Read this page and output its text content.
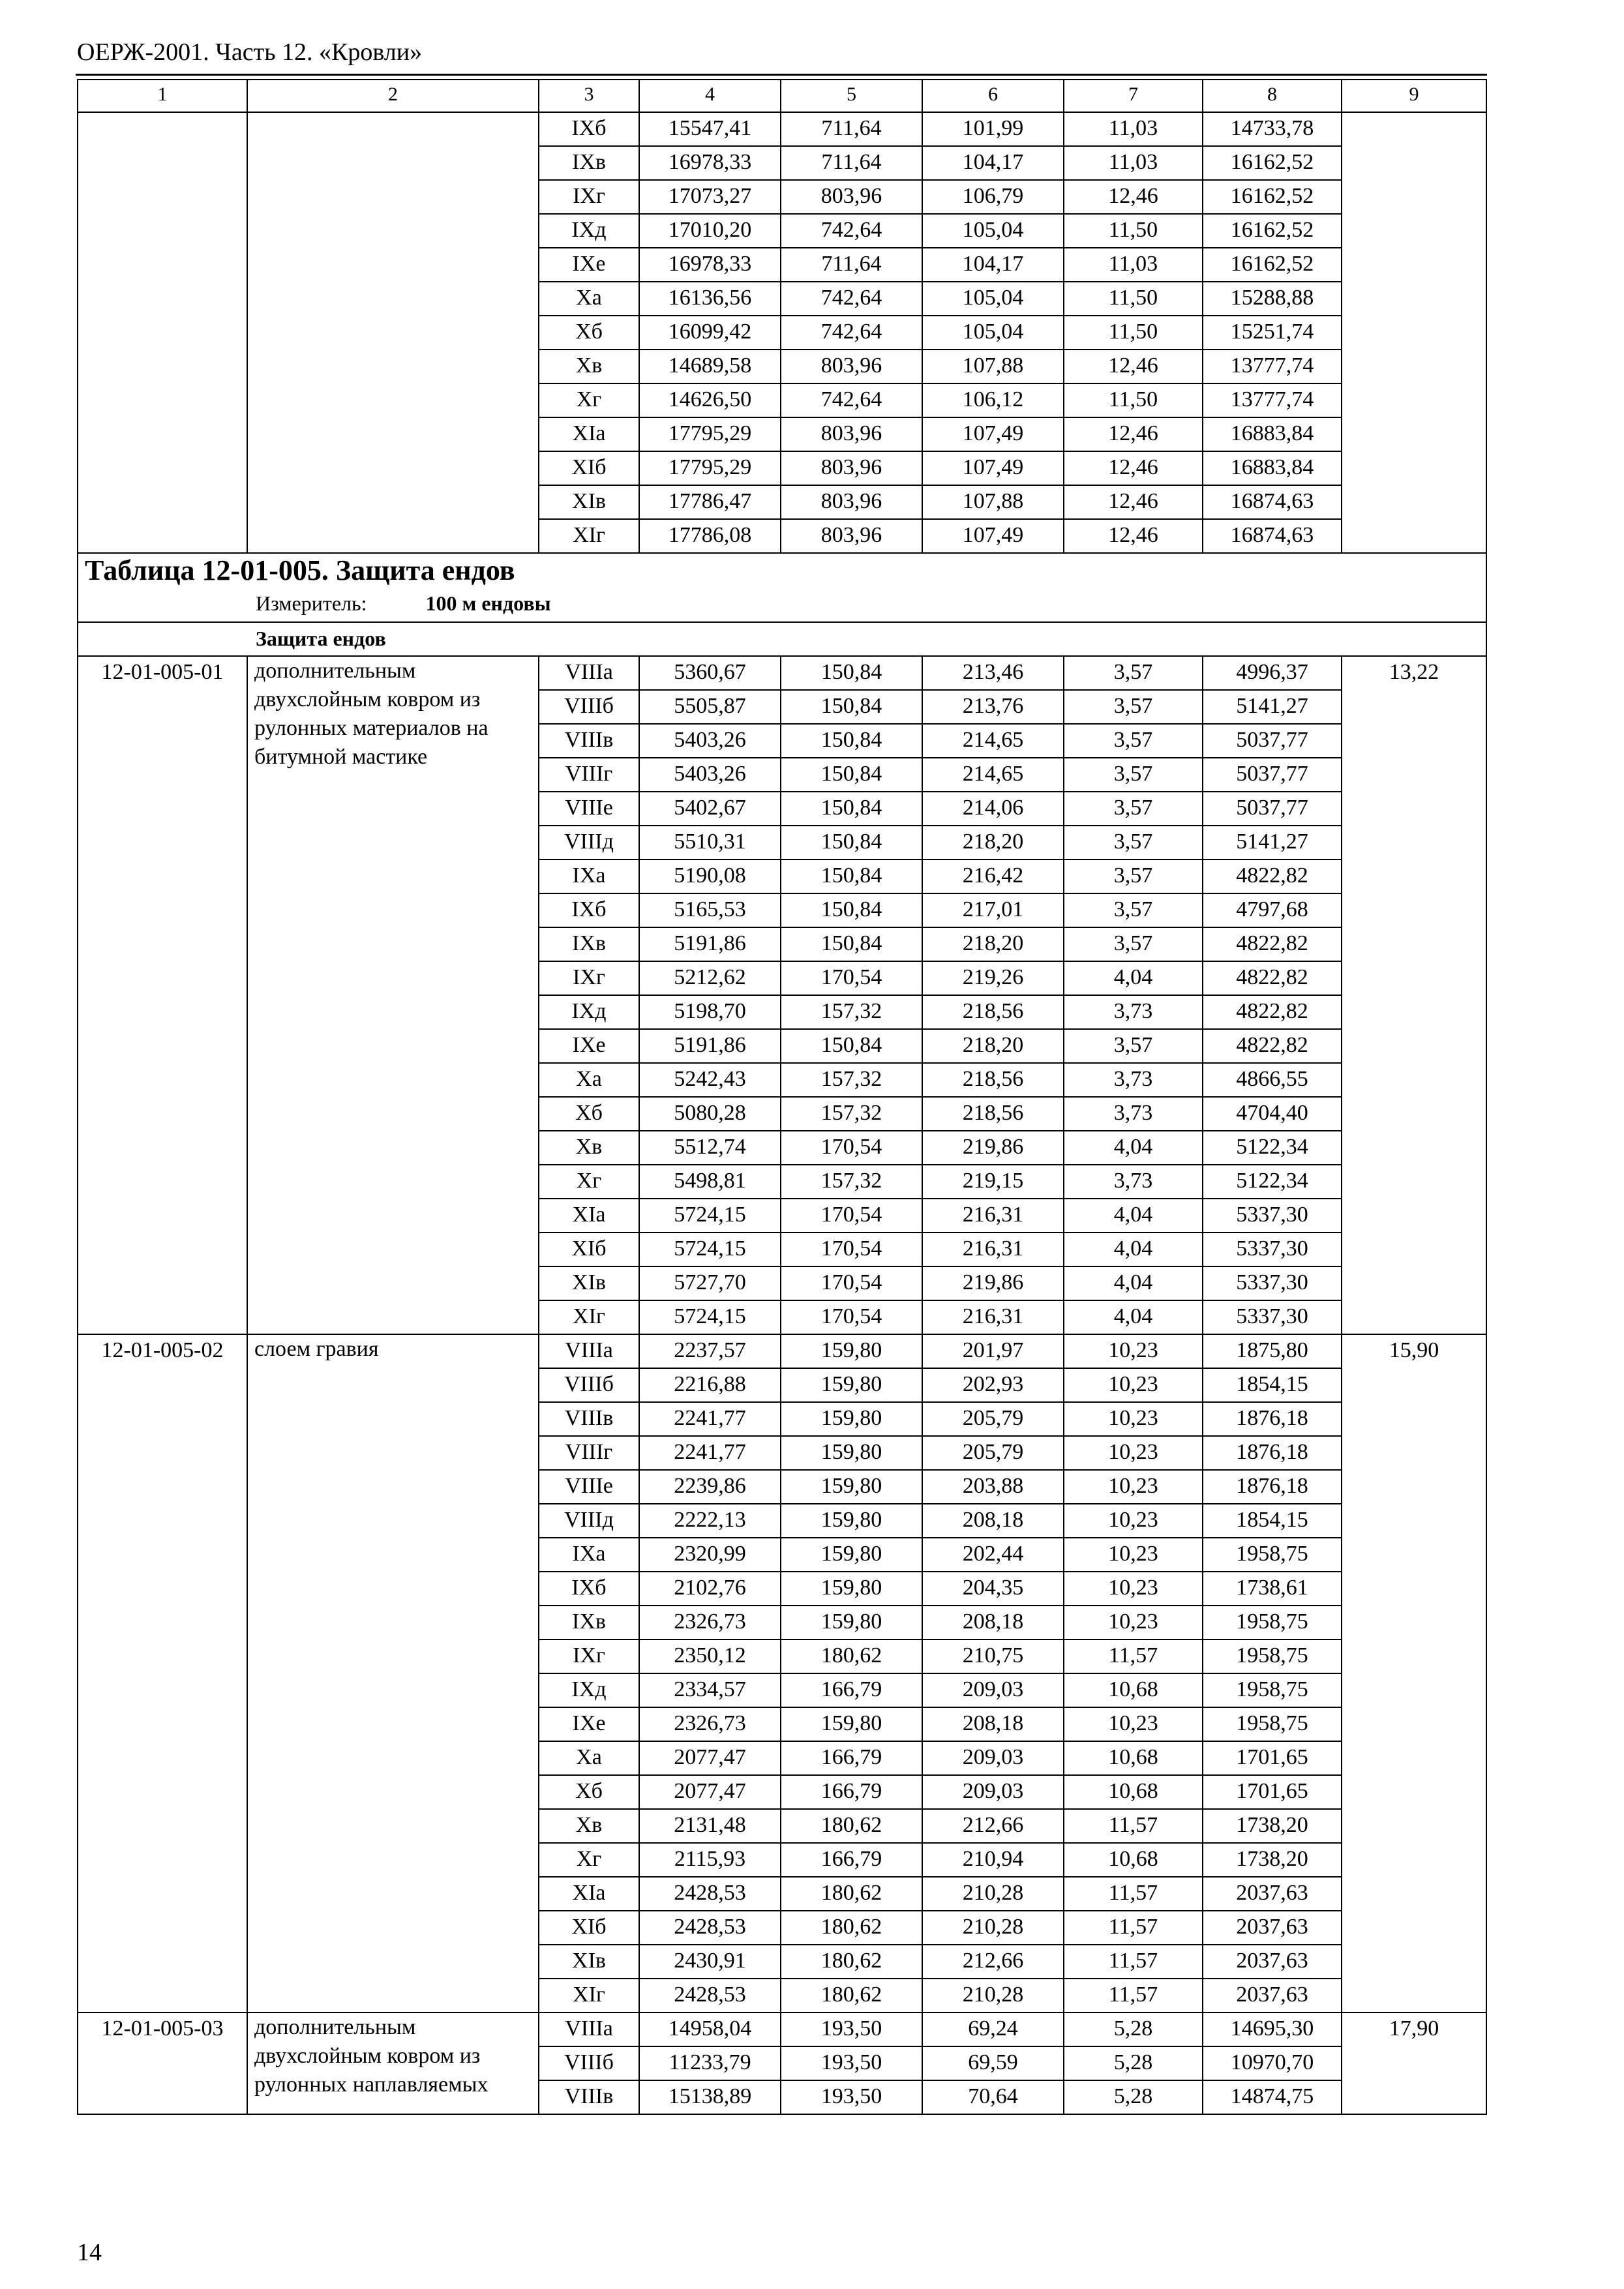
ОЕРЖ-2001. Часть 12. «Кровли»
1	2	3	4	5	6	7	8	9
		IXб	15547,41	711,64	101,99	11,03	14733,78	
		IXв	16978,33	711,64	104,17	11,03	16162,52	
		IXг	17073,27	803,96	106,79	12,46	16162,52	
		IXд	17010,20	742,64	105,04	11,50	16162,52	
		IXе	16978,33	711,64	104,17	11,03	16162,52	
		Xа	16136,56	742,64	105,04	11,50	15288,88	
		Xб	16099,42	742,64	105,04	11,50	15251,74	
		Xв	14689,58	803,96	107,88	12,46	13777,74	
		Xг	14626,50	742,64	106,12	11,50	13777,74	
		XIа	17795,29	803,96	107,49	12,46	16883,84	
		XIб	17795,29	803,96	107,49	12,46	16883,84	
		XIв	17786,47	803,96	107,88	12,46	16874,63	
		XIг	17786,08	803,96	107,49	12,46	16874,63	

Таблица 12-01-005. Защита ендов
Измеритель: 100 м ендовы								

Защита ендов								
12-01-005-01	дополнительным двухслойным ковром из рулонных материалов на битумной мастике	VIIIа	5360,67	150,84	213,46	3,57	4996,37	13,22
		VIIIб	5505,87	150,84	213,76	3,57	5141,27	
		VIIIв	5403,26	150,84	214,65	3,57	5037,77	
		VIIIг	5403,26	150,84	214,65	3,57	5037,77	
		VIIIе	5402,67	150,84	214,06	3,57	5037,77	
		VIIIд	5510,31	150,84	218,20	3,57	5141,27	
		IXа	5190,08	150,84	216,42	3,57	4822,82	
		IXб	5165,53	150,84	217,01	3,57	4797,68	
		IXв	5191,86	150,84	218,20	3,57	4822,82	
		IXг	5212,62	170,54	219,26	4,04	4822,82	
		IXд	5198,70	157,32	218,56	3,73	4822,82	
		IXе	5191,86	150,84	218,20	3,57	4822,82	
		Xа	5242,43	157,32	218,56	3,73	4866,55	
		Xб	5080,28	157,32	218,56	3,73	4704,40	
		Xв	5512,74	170,54	219,86	4,04	5122,34	
		Xг	5498,81	157,32	219,15	3,73	5122,34	
		XIа	5724,15	170,54	216,31	4,04	5337,30	
		XIб	5724,15	170,54	216,31	4,04	5337,30	
		XIв	5727,70	170,54	219,86	4,04	5337,30	
		XIг	5724,15	170,54	216,31	4,04	5337,30	
12-01-005-02	слоем гравия	VIIIа	2237,57	159,80	201,97	10,23	1875,80	15,90
		VIIIб	2216,88	159,80	202,93	10,23	1854,15	
		VIIIв	2241,77	159,80	205,79	10,23	1876,18	
		VIIIг	2241,77	159,80	205,79	10,23	1876,18	
		VIIIе	2239,86	159,80	203,88	10,23	1876,18	
		VIIIд	2222,13	159,80	208,18	10,23	1854,15	
		IXа	2320,99	159,80	202,44	10,23	1958,75	
		IXб	2102,76	159,80	204,35	10,23	1738,61	
		IXв	2326,73	159,80	208,18	10,23	1958,75	
		IXг	2350,12	180,62	210,75	11,57	1958,75	
		IXд	2334,57	166,79	209,03	10,68	1958,75	
		IXе	2326,73	159,80	208,18	10,23	1958,75	
		Xа	2077,47	166,79	209,03	10,68	1701,65	
		Xб	2077,47	166,79	209,03	10,68	1701,65	
		Xв	2131,48	180,62	212,66	11,57	1738,20	
		Xг	2115,93	166,79	210,94	10,68	1738,20	
		XIа	2428,53	180,62	210,28	11,57	2037,63	
		XIб	2428,53	180,62	210,28	11,57	2037,63	
		XIв	2430,91	180,62	212,66	11,57	2037,63	
		XIг	2428,53	180,62	210,28	11,57	2037,63	
12-01-005-03	дополнительным двухслойным ковром из рулонных наплавляемых	VIIIа	14958,04	193,50	69,24	5,28	14695,30	17,90
		VIIIб	11233,79	193,50	69,59	5,28	10970,70	
		VIIIв	15138,89	193,50	70,64	5,28	14874,75	
14
